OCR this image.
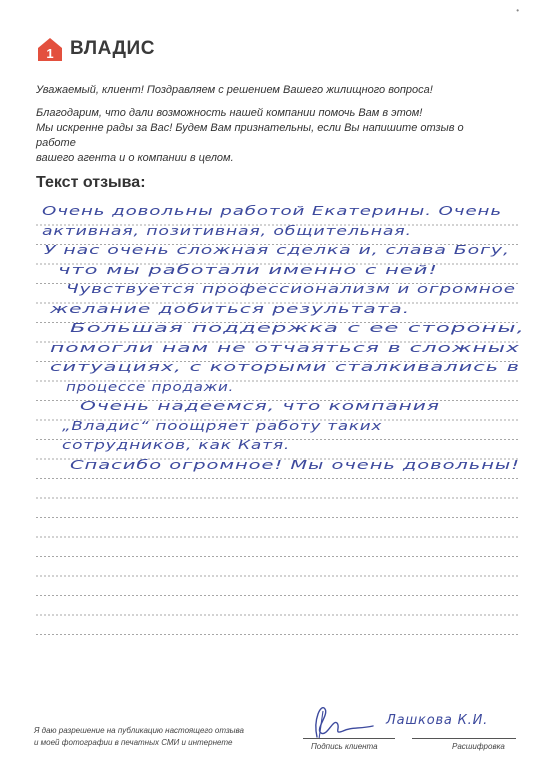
•
1 ВЛАДИС

Уважаемый, клиент! Поздравляем с решением Вашего жилищного вопроса!

Благодарим, что дали возможность нашей компании помочь Вам в этом!

Мы искренне рады за Вас! Будем Вам признательны, если Вы напишите отзыв о работе

вашего агента и о компании в целом.

Текст отзыва:
Очень довольны работой Екатерины. Очень
активная, позитивная, общительная.
У нас очень сложная сделка и, слава Богу,
что мы работали именно с ней!
Чувствуется профессионализм и огромное
желание добиться результата.
Большая поддержка с ее стороны,
помогли нам не отчаяться в сложных
ситуациях, с которыми сталкивались в
процессе продажи.
Очень надеемся, что компания
„Владис“ поощряет работу таких
сотрудников, как Катя.
Спасибо огромное! Мы очень довольны!

Я даю разрешение на публикацию настоящего отзыва

и моей фотографии в печатных СМИ и интернете

Лашкова К.И.
Подпись клиента	Расшифровка
